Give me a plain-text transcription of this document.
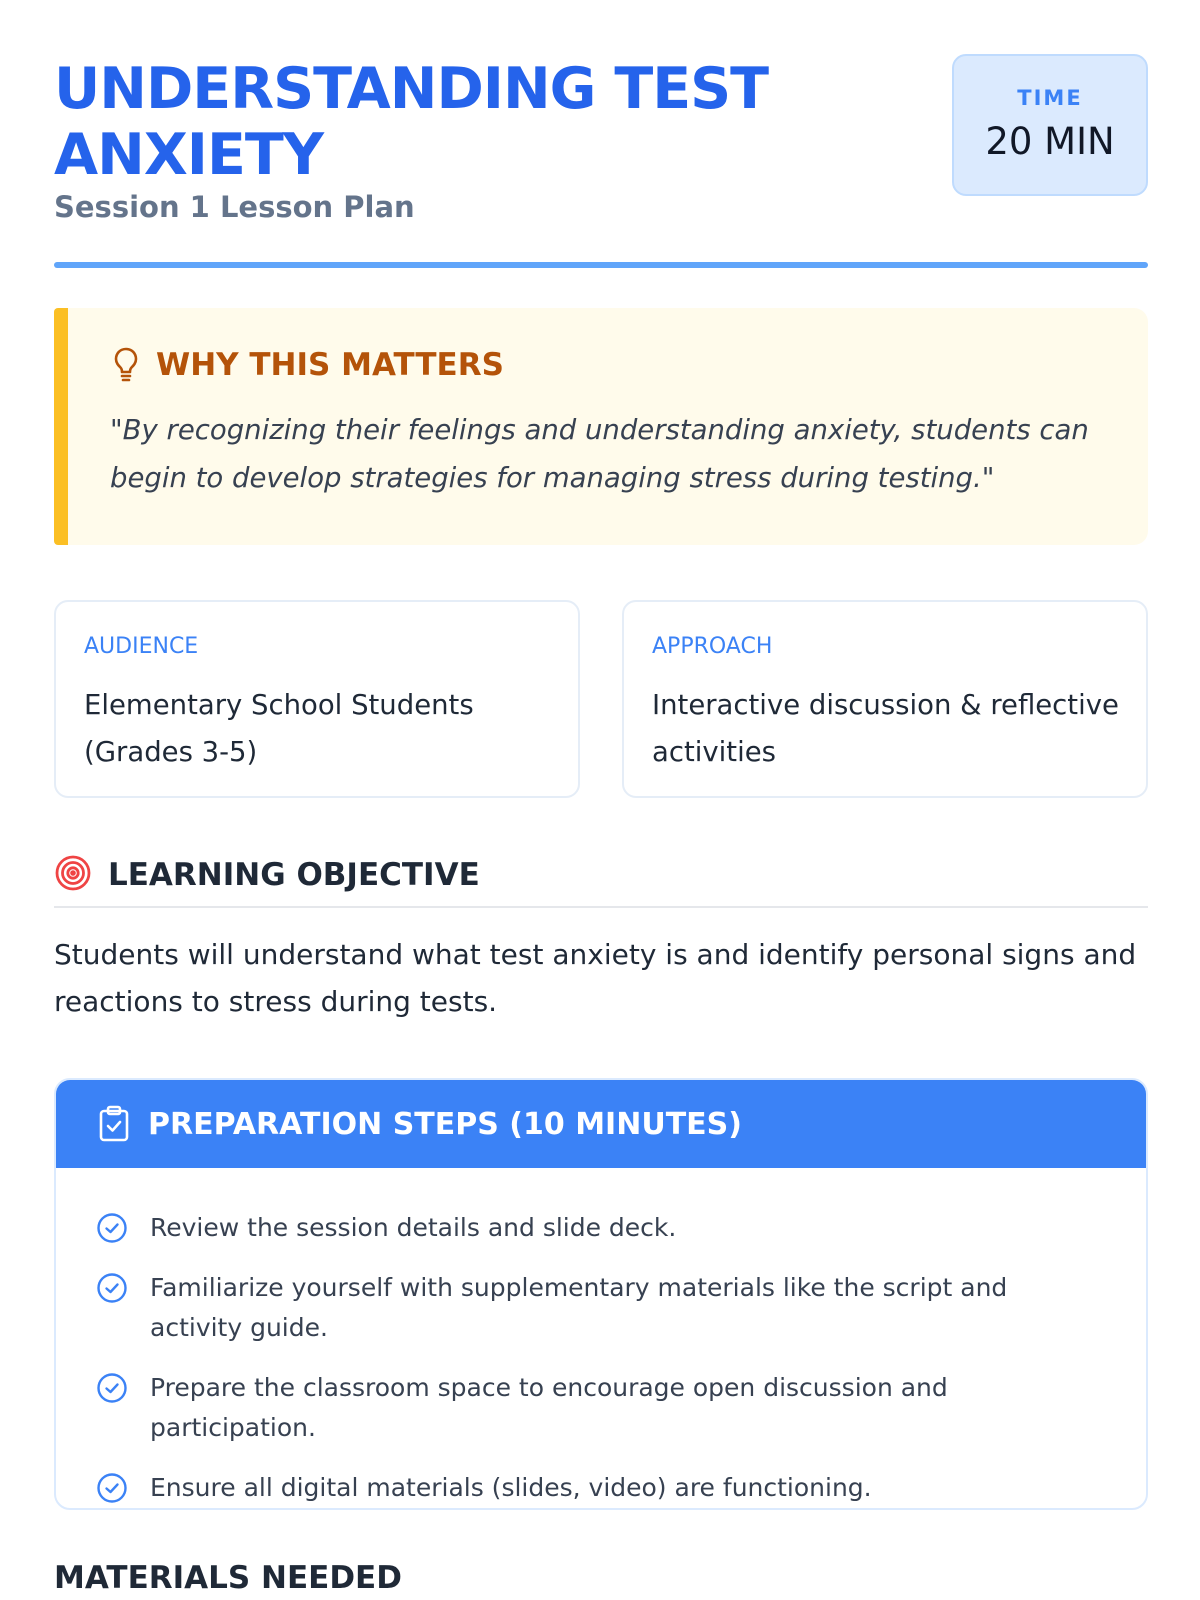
UNDERSTANDING TEST ANXIETY
Session 1 Lesson Plan
TIME
20 MIN
WHY THIS MATTERS
"By recognizing their feelings and understanding anxiety, students can begin to develop strategies for managing stress during testing."
AUDIENCE
Elementary School Students (Grades 3-5)
APPROACH
Interactive discussion & reflective activities
LEARNING OBJECTIVE
Students will understand what test anxiety is and identify personal signs and reactions to stress during tests.
PREPARATION STEPS (10 MINUTES)
Review the session details and slide deck.
Familiarize yourself with supplementary materials like the script and activity guide.
Prepare the classroom space to encourage open discussion and participation.
Ensure all digital materials (slides, video) are functioning.
MATERIALS NEEDED
